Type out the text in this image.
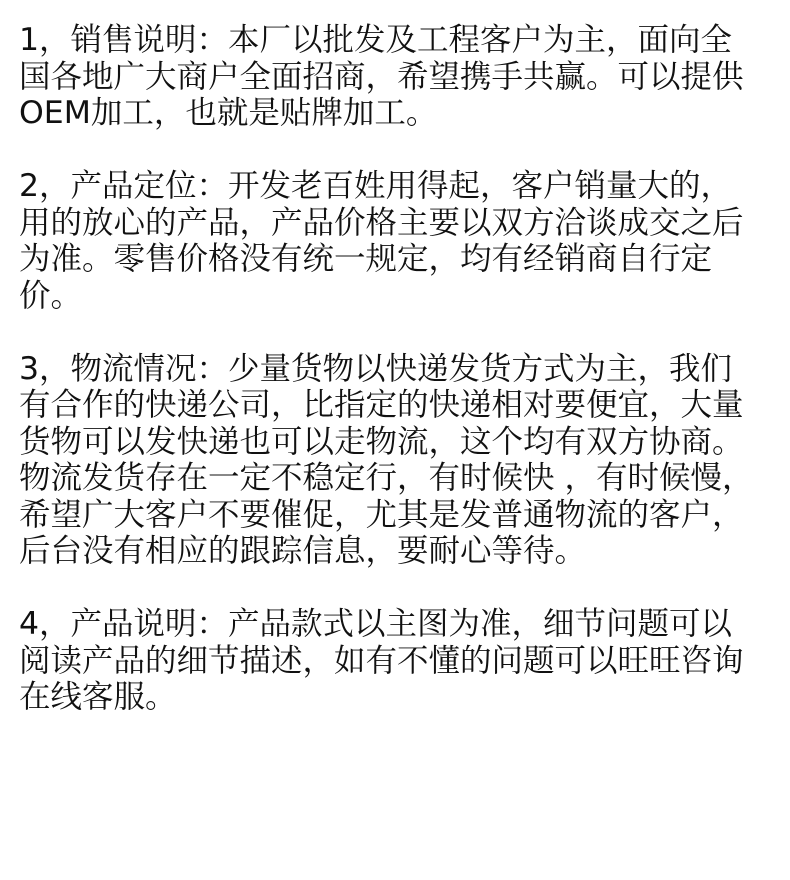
1，销售说明：本厂以批发及工程客户为主，面向全
国各地广大商户全面招商，希望携手共赢。可以提供
OEM加工，也就是贴牌加工。
2，产品定位：开发老百姓用得起，客户销量大的，
用的放心的产品，产品价格主要以双方洽谈成交之后
为准。零售价格没有统一规定，均有经销商自行定
价。
3，物流情况：少量货物以快递发货方式为主，我们
有合作的快递公司，比指定的快递相对要便宜，大量
货物可以发快递也可以走物流，这个均有双方协商。
物流发货存在一定不稳定行，有时候快 ，有时候慢，
希望广大客户不要催促，尤其是发普通物流的客户，
后台没有相应的跟踪信息，要耐心等待。
4，产品说明：产品款式以主图为准，细节问题可以
阅读产品的细节描述，如有不懂的问题可以旺旺咨询
在线客服。
